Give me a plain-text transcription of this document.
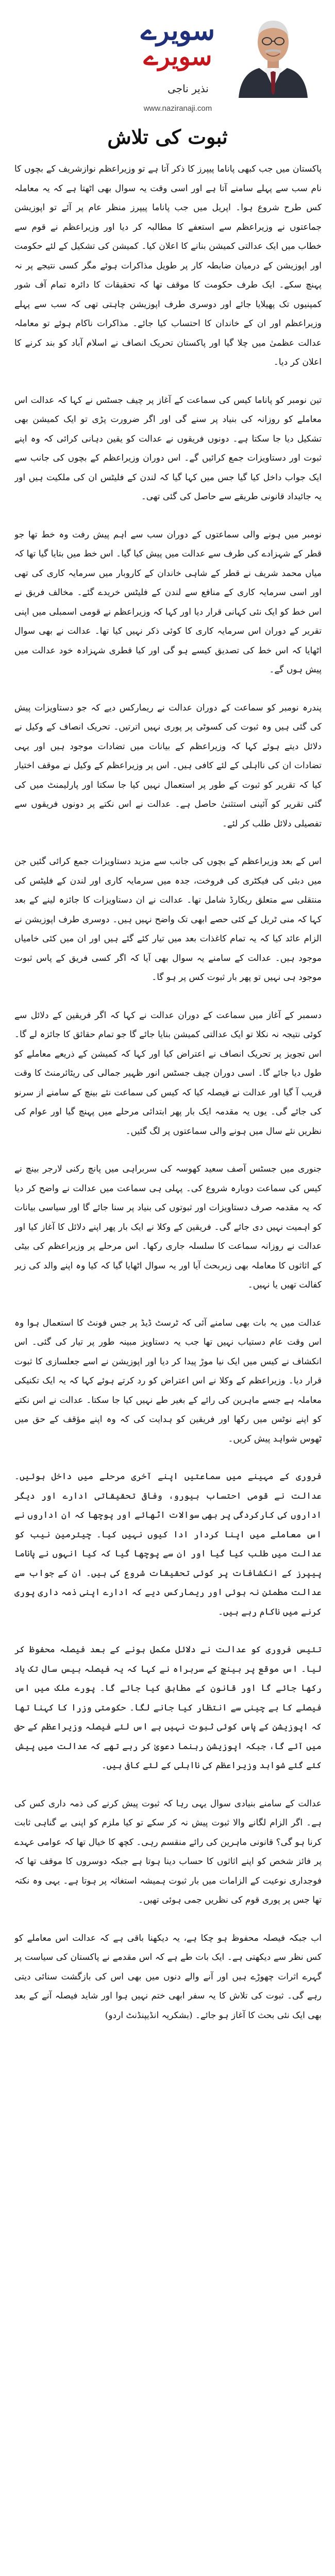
سویرے
سویرے
نذیر ناجی
www.naziranaji.com
ثبوت کی تلاش

پاکستان میں جب کبھی پاناما پیپرز کا ذکر آتا ہے تو وزیراعظم نوازشریف کے بچوں کا نام سب سے پہلے سامنے آتا ہے اور اسی وقت یہ سوال بھی اٹھتا ہے کہ یہ معاملہ کس طرح شروع ہوا۔ اپریل میں جب پاناما پیپرز منظر عام پر آئے تو اپوزیشن جماعتوں نے وزیراعظم سے استعفے کا مطالبہ کر دیا اور وزیراعظم نے قوم سے خطاب میں ایک عدالتی کمیشن بنانے کا اعلان کیا۔ کمیشن کی تشکیل کے لئے حکومت اور اپوزیشن کے درمیان ضابطہ کار پر طویل مذاکرات ہوئے مگر کسی نتیجے پر نہ پہنچ سکے۔ ایک طرف حکومت کا موقف تھا کہ تحقیقات کا دائرہ تمام آف شور کمپنیوں تک پھیلایا جائے اور دوسری طرف اپوزیشن چاہتی تھی کہ سب سے پہلے وزیراعظم اور ان کے خاندان کا احتساب کیا جائے۔ مذاکرات ناکام ہوئے تو معاملہ عدالت عظمیٰ میں چلا گیا اور پاکستان تحریک انصاف نے اسلام آباد کو بند کرنے کا اعلان کر دیا۔

تین نومبر کو پاناما کیس کی سماعت کے آغاز پر چیف جسٹس نے کہا کہ عدالت اس معاملے کو روزانہ کی بنیاد پر سنے گی اور اگر ضرورت پڑی تو ایک کمیشن بھی تشکیل دیا جا سکتا ہے۔ دونوں فریقوں نے عدالت کو یقین دہانی کرائی کہ وہ اپنے ثبوت اور دستاویزات جمع کرائیں گے۔ اس دوران وزیراعظم کے بچوں کی جانب سے ایک جواب داخل کیا گیا جس میں کہا گیا کہ لندن کے فلیٹس ان کی ملکیت ہیں اور یہ جائیداد قانونی طریقے سے حاصل کی گئی تھی۔

نومبر میں ہونے والی سماعتوں کے دوران سب سے اہم پیش رفت وہ خط تھا جو قطر کے شہزادے کی طرف سے عدالت میں پیش کیا گیا۔ اس خط میں بتایا گیا تھا کہ میاں محمد شریف نے قطر کے شاہی خاندان کے کاروبار میں سرمایہ کاری کی تھی اور اسی سرمایہ کاری کے منافع سے لندن کے فلیٹس خریدے گئے۔ مخالف فریق نے اس خط کو ایک نئی کہانی قرار دیا اور کہا کہ وزیراعظم نے قومی اسمبلی میں اپنی تقریر کے دوران اس سرمایہ کاری کا کوئی ذکر نہیں کیا تھا۔ عدالت نے بھی سوال اٹھایا کہ اس خط کی تصدیق کیسے ہو گی اور کیا قطری شہزادہ خود عدالت میں پیش ہوں گے۔

پندرہ نومبر کو سماعت کے دوران عدالت نے ریمارکس دیے کہ جو دستاویزات پیش کی گئی ہیں وہ ثبوت کی کسوٹی پر پوری نہیں اترتیں۔ تحریک انصاف کے وکیل نے دلائل دیتے ہوئے کہا کہ وزیراعظم کے بیانات میں تضادات موجود ہیں اور یہی تضادات ان کی نااہلی کے لئے کافی ہیں۔ اس پر وزیراعظم کے وکیل نے موقف اختیار کیا کہ تقریر کو ثبوت کے طور پر استعمال نہیں کیا جا سکتا اور پارلیمنٹ میں کی گئی تقریر کو آئینی استثنیٰ حاصل ہے۔ عدالت نے اس نکتے پر دونوں فریقوں سے تفصیلی دلائل طلب کر لئے۔

اس کے بعد وزیراعظم کے بچوں کی جانب سے مزید دستاویزات جمع کرائی گئیں جن میں دبئی کی فیکٹری کی فروخت، جدہ میں سرمایہ کاری اور لندن کے فلیٹس کی منتقلی سے متعلق ریکارڈ شامل تھا۔ عدالت نے ان دستاویزات کا جائزہ لینے کے بعد کہا کہ منی ٹریل کے کئی حصے ابھی تک واضح نہیں ہیں۔ دوسری طرف اپوزیشن نے الزام عائد کیا کہ یہ تمام کاغذات بعد میں تیار کئے گئے ہیں اور ان میں کئی خامیاں موجود ہیں۔ عدالت کے سامنے یہ سوال بھی آیا کہ اگر کسی فریق کے پاس ثبوت موجود ہی نہیں تو پھر بار ثبوت کس پر ہو گا۔

دسمبر کے آغاز میں سماعت کے دوران عدالت نے کہا کہ اگر فریقین کے دلائل سے کوئی نتیجہ نہ نکلا تو ایک عدالتی کمیشن بنایا جائے گا جو تمام حقائق کا جائزہ لے گا۔ اس تجویز پر تحریک انصاف نے اعتراض کیا اور کہا کہ کمیشن کے ذریعے معاملے کو طول دیا جائے گا۔ اسی دوران چیف جسٹس انور ظہیر جمالی کی ریٹائرمنٹ کا وقت قریب آ گیا اور عدالت نے فیصلہ کیا کہ کیس کی سماعت نئے بینچ کے سامنے از سرنو کی جائے گی۔ یوں یہ مقدمہ ایک بار پھر ابتدائی مرحلے میں پہنچ گیا اور عوام کی نظریں نئے سال میں ہونے والی سماعتوں پر لگ گئیں۔

جنوری میں جسٹس آصف سعید کھوسہ کی سربراہی میں پانچ رکنی لارجر بینچ نے کیس کی سماعت دوبارہ شروع کی۔ پہلی ہی سماعت میں عدالت نے واضح کر دیا کہ یہ مقدمہ صرف دستاویزات اور ثبوتوں کی بنیاد پر سنا جائے گا اور سیاسی بیانات کو اہمیت نہیں دی جائے گی۔ فریقین کے وکلا نے ایک بار پھر اپنے دلائل کا آغاز کیا اور عدالت نے روزانہ سماعت کا سلسلہ جاری رکھا۔ اس مرحلے پر وزیراعظم کی بیٹی کے اثاثوں کا معاملہ بھی زیربحث آیا اور یہ سوال اٹھایا گیا کہ کیا وہ اپنے والد کی زیر کفالت تھیں یا نہیں۔

عدالت میں یہ بات بھی سامنے آئی کہ ٹرسٹ ڈیڈ پر جس فونٹ کا استعمال ہوا وہ اس وقت عام دستیاب نہیں تھا جب یہ دستاویز مبینہ طور پر تیار کی گئی۔ اس انکشاف نے کیس میں ایک نیا موڑ پیدا کر دیا اور اپوزیشن نے اسے جعلسازی کا ثبوت قرار دیا۔ وزیراعظم کے وکلا نے اس اعتراض کو رد کرتے ہوئے کہا کہ یہ ایک تکنیکی معاملہ ہے جسے ماہرین کی رائے کے بغیر طے نہیں کیا جا سکتا۔ عدالت نے اس نکتے کو اپنے نوٹس میں رکھا اور فریقین کو ہدایت کی کہ وہ اپنے مؤقف کے حق میں ٹھوس شواہد پیش کریں۔

فروری کے مہینے میں سماعتیں اپنے آخری مرحلے میں داخل ہوئیں۔ عدالت نے قومی احتساب بیورو، وفاقی تحقیقاتی ادارے اور دیگر اداروں کی کارکردگی پر بھی سوالات اٹھائے اور پوچھا کہ ان اداروں نے اس معاملے میں اپنا کردار ادا کیوں نہیں کیا۔ چیئرمین نیب کو عدالت میں طلب کیا گیا اور ان سے پوچھا گیا کہ کیا انہوں نے پاناما پیپرز کے انکشافات پر کوئی تحقیقات شروع کی ہیں۔ ان کے جواب سے عدالت مطمئن نہ ہوئی اور ریمارکس دیے کہ ادارے اپنی ذمہ داری پوری کرنے میں ناکام رہے ہیں۔

تئیس فروری کو عدالت نے دلائل مکمل ہونے کے بعد فیصلہ محفوظ کر لیا۔ اس موقع پر بینچ کے سربراہ نے کہا کہ یہ فیصلہ بیس سال تک یاد رکھا جائے گا اور قانون کے مطابق کیا جائے گا۔ پورے ملک میں اس فیصلے کا بے چینی سے انتظار کیا جانے لگا۔ حکومتی وزرا کا کہنا تھا کہ اپوزیشن کے پاس کوئی ثبوت نہیں ہے اس لئے فیصلہ وزیراعظم کے حق میں آئے گا، جبکہ اپوزیشن رہنما دعویٰ کر رہے تھے کہ عدالت میں پیش کئے گئے شواہد وزیراعظم کی نااہلی کے لئے کافی ہیں۔

عدالت کے سامنے بنیادی سوال یہی رہا کہ ثبوت پیش کرنے کی ذمہ داری کس کی ہے۔ اگر الزام لگانے والا ثبوت پیش نہ کر سکے تو کیا ملزم کو اپنی بے گناہی ثابت کرنا ہو گی؟ قانونی ماہرین کی رائے منقسم رہی۔ کچھ کا خیال تھا کہ عوامی عہدے پر فائز شخص کو اپنے اثاثوں کا حساب دینا ہوتا ہے جبکہ دوسروں کا موقف تھا کہ فوجداری نوعیت کے الزامات میں بار ثبوت ہمیشہ استغاثہ پر ہوتا ہے۔ یہی وہ نکتہ تھا جس پر پوری قوم کی نظریں جمی ہوئی تھیں۔

اب جبکہ فیصلہ محفوظ ہو چکا ہے، یہ دیکھنا باقی ہے کہ عدالت اس معاملے کو کس نظر سے دیکھتی ہے۔ ایک بات طے ہے کہ اس مقدمے نے پاکستان کی سیاست پر گہرے اثرات چھوڑے ہیں اور آنے والے دنوں میں بھی اس کی بازگشت سنائی دیتی رہے گی۔ ثبوت کی تلاش کا یہ سفر ابھی ختم نہیں ہوا اور شاید فیصلہ آنے کے بعد بھی ایک نئی بحث کا آغاز ہو جائے۔ (بشکریہ انڈیپنڈنٹ اردو)
